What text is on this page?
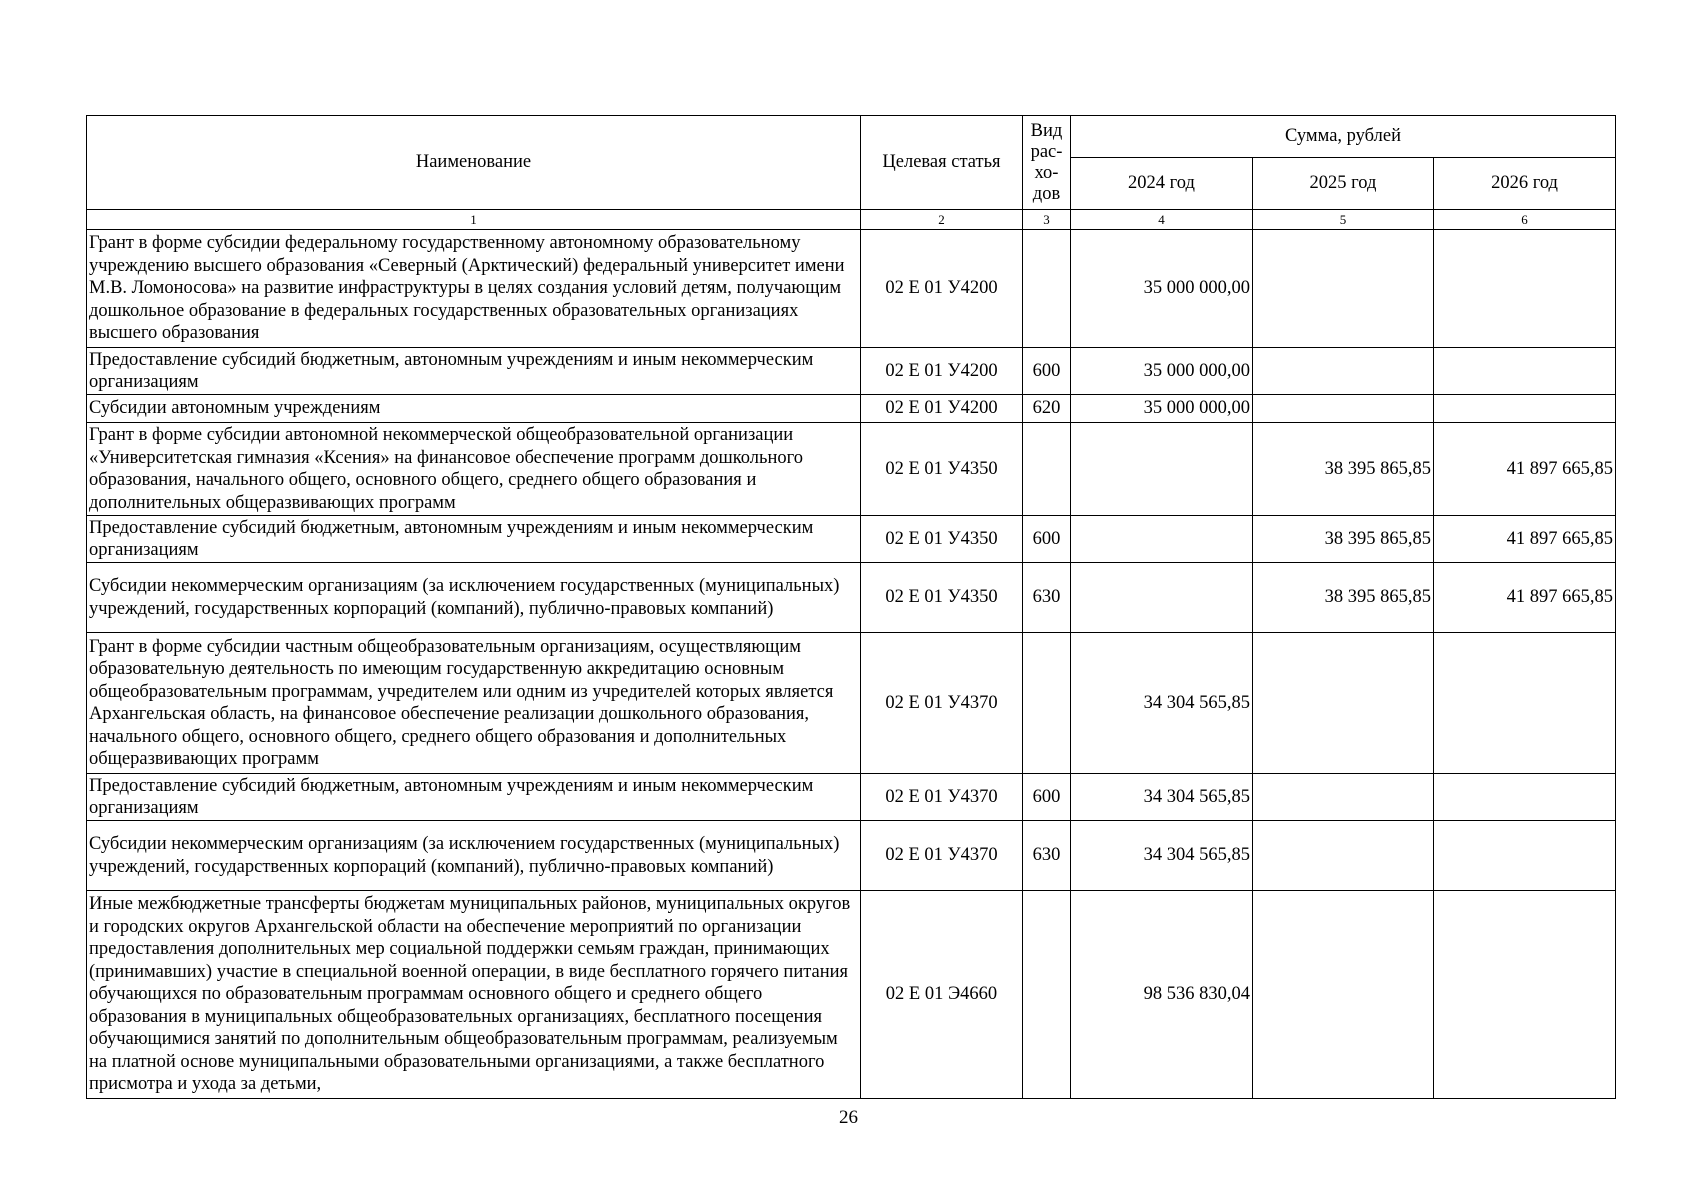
Наименование	Целевая статья	Вид рас-хо-дов	Сумма, рублей		
			2024 год	2025 год	2026 год
1	2	3	4	5	6
Грант в форме субсидии федеральному государственному автономному образовательному учреждению высшего образования «Северный (Арктический) федеральный университет имени М.В. Ломоносова» на развитие инфраструктуры в целях создания условий детям, получающим дошкольное образование в федеральных государственных образовательных организациях высшего образования	02 Е 01 У4200		35 000 000,00		
Предоставление субсидий бюджетным, автономным учреждениям и иным некоммерческим организациям	02 Е 01 У4200	600	35 000 000,00		
Субсидии автономным учреждениям	02 Е 01 У4200	620	35 000 000,00		
Грант в форме субсидии автономной некоммерческой общеобразовательной организации «Университетская гимназия «Ксения» на финансовое обеспечение программ дошкольного образования, начального общего, основного общего, среднего общего образования и дополнительных общеразвивающих программ	02 Е 01 У4350			38 395 865,85	41 897 665,85
Предоставление субсидий бюджетным, автономным учреждениям и иным некоммерческим организациям	02 Е 01 У4350	600		38 395 865,85	41 897 665,85
Субсидии некоммерческим организациям (за исключением государственных (муниципальных) учреждений, государственных корпораций (компаний), публично-правовых компаний)	02 Е 01 У4350	630		38 395 865,85	41 897 665,85
Грант в форме субсидии частным общеобразовательным организациям, осуществляющим образовательную деятельность по имеющим государственную аккредитацию основным общеобразовательным программам, учредителем или одним из учредителей которых является Архангельская область, на финансовое обеспечение реализации дошкольного образования, начального общего, основного общего, среднего общего образования и дополнительных общеразвивающих программ	02 Е 01 У4370		34 304 565,85		
Предоставление субсидий бюджетным, автономным учреждениям и иным некоммерческим организациям	02 Е 01 У4370	600	34 304 565,85		
Субсидии некоммерческим организациям (за исключением государственных (муниципальных) учреждений, государственных корпораций (компаний), публично-правовых компаний)	02 Е 01 У4370	630	34 304 565,85		
Иные межбюджетные трансферты бюджетам муниципальных районов, муниципальных округов и городских округов Архангельской области на обеспечение мероприятий по организации предоставления дополнительных мер социальной поддержки семьям граждан, принимающих (принимавших) участие в специальной военной операции, в виде бесплатного горячего питания обучающихся по образовательным программам основного общего и среднего общего образования в муниципальных общеобразовательных организациях, бесплатного посещения обучающимися занятий по дополнительным общеобразовательным программам, реализуемым на платной основе муниципальными образовательными организациями, а также бесплатного присмотра и ухода за детьми,	02 Е 01 Э4660		98 536 830,04		
26
